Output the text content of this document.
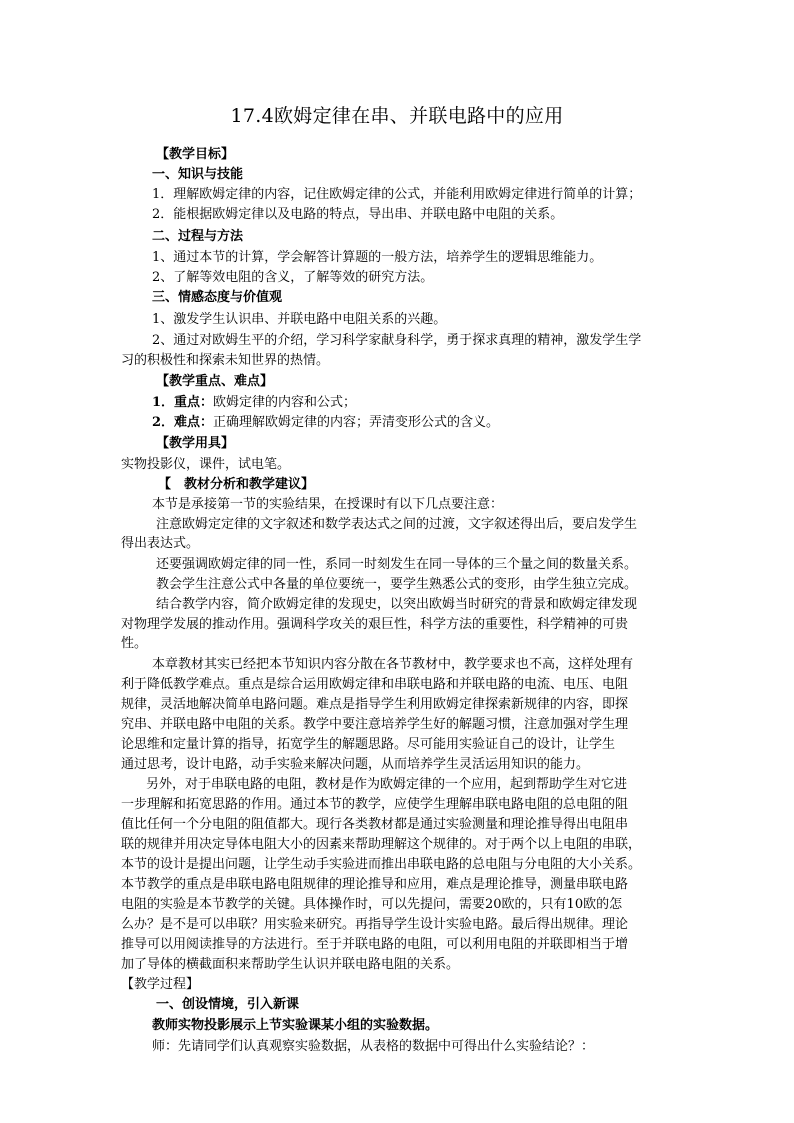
17.4欧姆定律在串、并联电路中的应用
【教学目标】
一、知识与技能
1．理解欧姆定律的内容，记住欧姆定律的公式，并能利用欧姆定律进行简单的计算；
2．能根据欧姆定律以及电路的特点，导出串、并联电路中电阻的关系。
二、过程与方法
1、通过本节的计算，学会解答计算题的一般方法，培养学生的逻辑思维能力。
2、了解等效电阻的含义，了解等效的研究方法。
三、情感态度与价值观
1、激发学生认识串、并联电路中电阻关系的兴趣。
2、通过对欧姆生平的介绍，学习科学家献身科学，勇于探求真理的精神，激发学生学
习的积极性和探索未知世界的热情。
【教学重点、难点】
1．重点：欧姆定律的内容和公式；
2．难点：正确理解欧姆定律的内容；弄清变形公式的含义。
【教学用具】
实物投影仪，课件，试电笔。
【　教材分析和教学建议】
本节是承接第一节的实验结果，在授课时有以下几点要注意：
注意欧姆定定律的文字叙述和数学表达式之间的过渡，文字叙述得出后，要启发学生
得出表达式。
还要强调欧姆定律的同一性，系同一时刻发生在同一导体的三个量之间的数量关系。
教会学生注意公式中各量的单位要统一，要学生熟悉公式的变形，由学生独立完成。
结合教学内容，简介欧姆定律的发现史，以突出欧姆当时研究的背景和欧姆定律发现
对物理学发展的推动作用。强调科学攻关的艰巨性，科学方法的重要性，科学精神的可贵
性。
本章教材其实已经把本节知识内容分散在各节教材中，教学要求也不高，这样处理有
利于降低教学难点。重点是综合运用欧姆定律和串联电路和并联电路的电流、电压、电阻
规律，灵活地解决简单电路问题。难点是指导学生利用欧姆定律探索新规律的内容，即探
究串、并联电路中电阻的关系。教学中要注意培养学生好的解题习惯，注意加强对学生理
论思维和定量计算的指导，拓宽学生的解题思路。尽可能用实验证自己的设计，让学生
通过思考，设计电路，动手实验来解决问题，从而培养学生灵活运用知识的能力。
另外，对于串联电路的电阻，教材是作为欧姆定律的一个应用，起到帮助学生对它进
一步理解和拓宽思路的作用。通过本节的教学，应使学生理解串联电路电阻的总电阻的阻
值比任何一个分电阻的阻值都大。现行各类教材都是通过实验测量和理论推导得出电阻串
联的规律并用决定导体电阻大小的因素来帮助理解这个规律的。对于两个以上电阻的串联，
本节的设计是提出问题，让学生动手实验进而推出串联电路的总电阻与分电阻的大小关系。
本节教学的重点是串联电路电阻规律的理论推导和应用，难点是理论推导，测量串联电路
电阻的实验是本节教学的关键。具体操作时，可以先提问，需要20欧的，只有10欧的怎
么办？是不是可以串联？用实验来研究。再指导学生设计实验电路。最后得出规律。理论
推导可以用阅读推导的方法进行。至于并联电路的电阻，可以利用电阻的并联即相当于增
加了导体的横截面积来帮助学生认识并联电路电阻的关系。
【教学过程】
一、创设情境，引入新课
教师实物投影展示上节实验课某小组的实验数据。
师：先请同学们认真观察实验数据，从表格的数据中可得出什么实验结论？：
